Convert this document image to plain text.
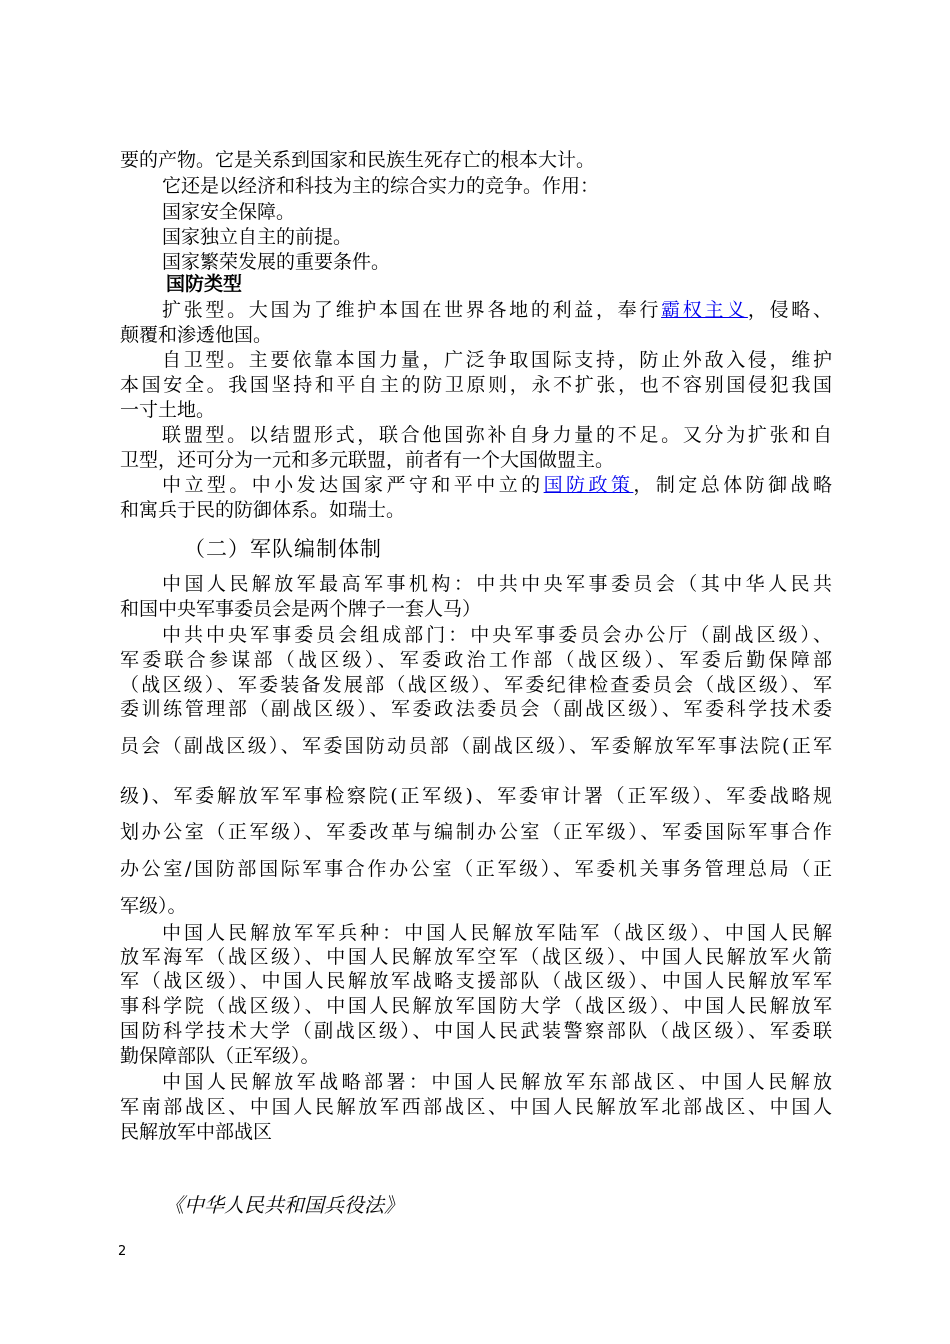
要的产物。它是关系到国家和民族生死存亡的根本大计。
它还是以经济和科技为主的综合实力的竞争。作用：
国家安全保障。
国家独立自主的前提。
国家繁荣发展的重要条件。
国防类型
扩张型。大国为了维护本国在世界各地的利益，奉行霸权主义，侵略、
颠覆和渗透他国。
自卫型。主要依靠本国力量，广泛争取国际支持，防止外敌入侵，维护
本国安全。我国坚持和平自主的防卫原则，永不扩张，也不容别国侵犯我国
一寸土地。
联盟型。以结盟形式，联合他国弥补自身力量的不足。又分为扩张和自
卫型，还可分为一元和多元联盟，前者有一个大国做盟主。
中立型。中小发达国家严守和平中立的国防政策，制定总体防御战略
和寓兵于民的防御体系。如瑞士。
（二）军队编制体制
中国人民解放军最高军事机构：中共中央军事委员会（其中华人民共
和国中央军事委员会是两个牌子一套人马）
中共中央军事委员会组成部门：中央军事委员会办公厅（副战区级）、
军委联合参谋部（战区级）、军委政治工作部（战区级）、军委后勤保障部
（战区级）、军委装备发展部（战区级）、军委纪律检查委员会（战区级）、军
委训练管理部（副战区级）、军委政法委员会（副战区级）、军委科学技术委
员会（副战区级）、军委国防动员部（副战区级）、军委解放军军事法院(正军
级)、军委解放军军事检察院(正军级)、军委审计署（正军级）、军委战略规
划办公室（正军级）、军委改革与编制办公室（正军级）、军委国际军事合作
办公室/国防部国际军事合作办公室（正军级）、军委机关事务管理总局（正
军级）。
中国人民解放军军兵种：中国人民解放军陆军（战区级）、中国人民解
放军海军（战区级）、中国人民解放军空军（战区级）、中国人民解放军火箭
军（战区级）、中国人民解放军战略支援部队（战区级）、中国人民解放军军
事科学院（战区级）、中国人民解放军国防大学（战区级）、中国人民解放军
国防科学技术大学（副战区级）、中国人民武装警察部队（战区级）、军委联
勤保障部队（正军级）。
中国人民解放军战略部署：中国人民解放军东部战区、中国人民解放
军南部战区、中国人民解放军西部战区、中国人民解放军北部战区、中国人
民解放军中部战区
《中华人民共和国兵役法》
2
